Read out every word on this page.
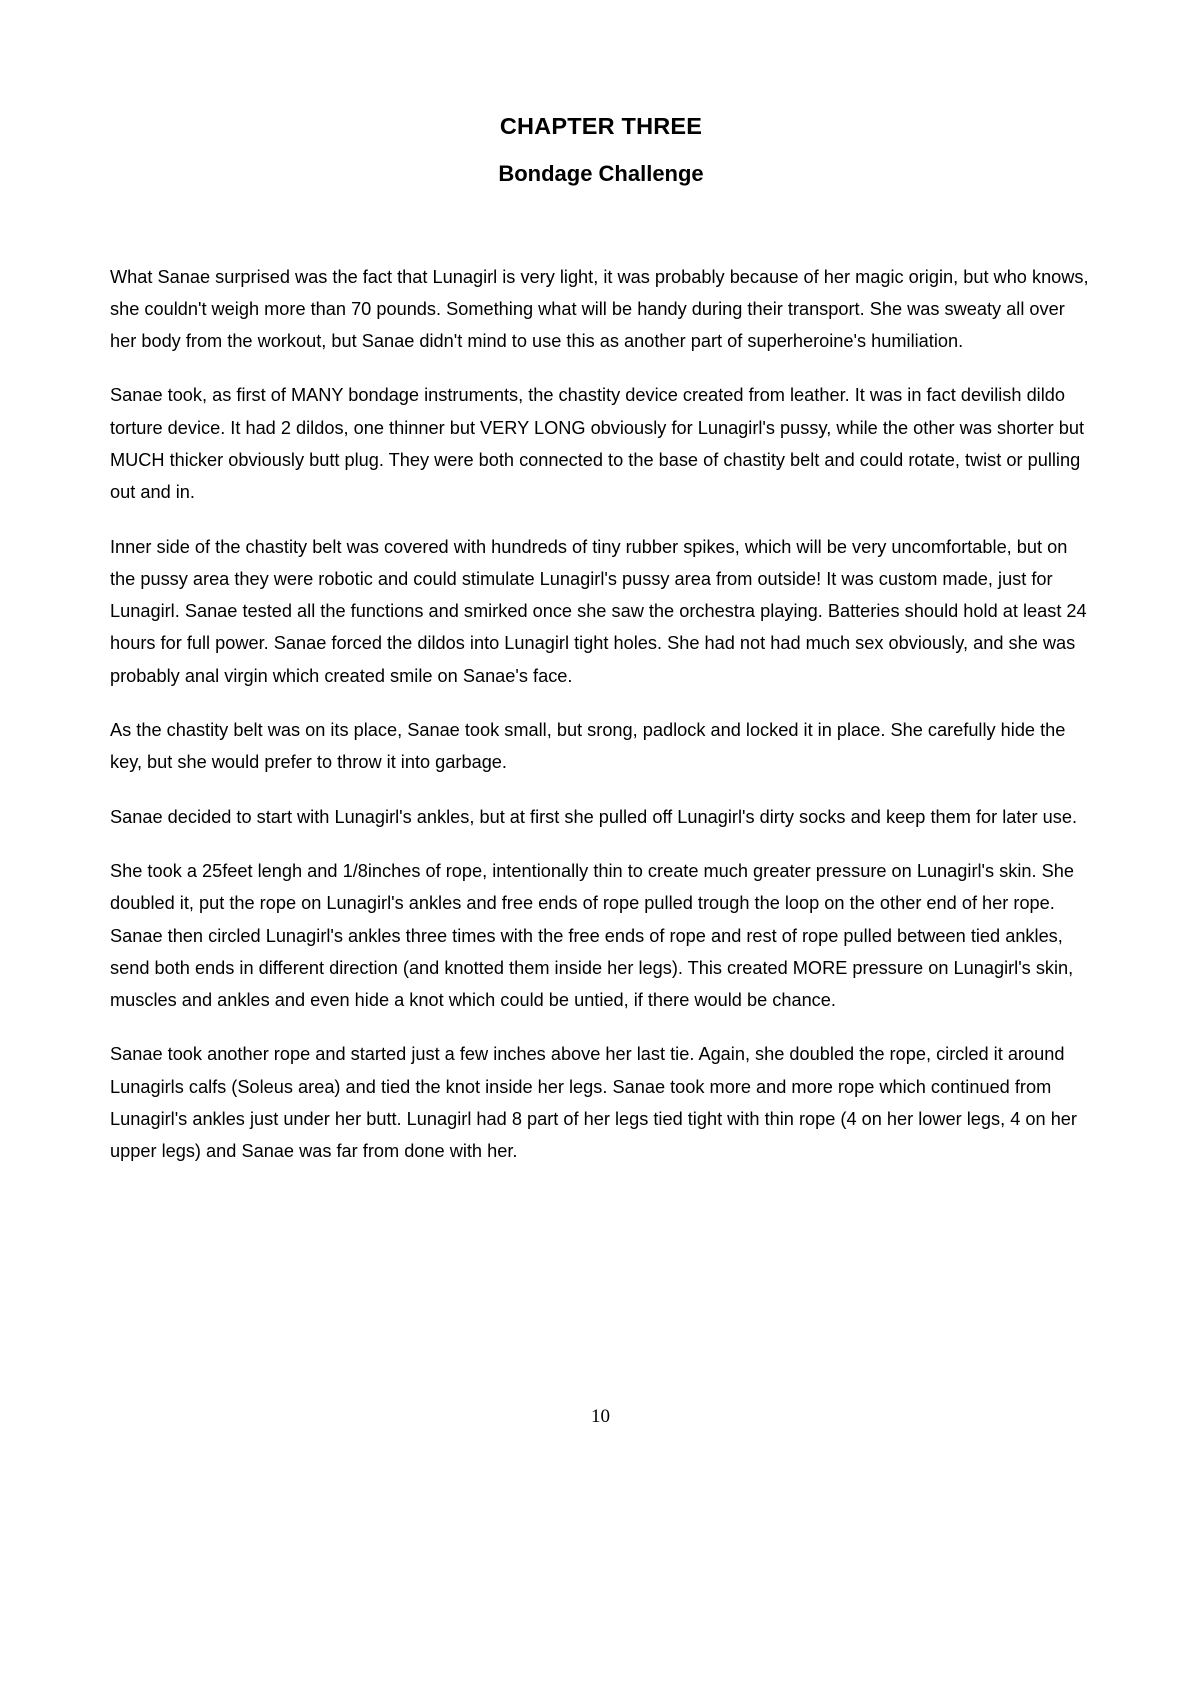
CHAPTER THREE
Bondage Challenge

What Sanae surprised was the fact that Lunagirl is very light, it was probably because of her magic origin, but who knows, she couldn't weigh more than 70 pounds. Something what will be handy during their transport. She was sweaty all over her body from the workout, but Sanae didn't mind to use this as another part of superheroine's humiliation.

Sanae took, as first of MANY bondage instruments, the chastity device created from leather. It was in fact devilish dildo torture device. It had 2 dildos, one thinner but VERY LONG obviously for Lunagirl's pussy, while the other was shorter but MUCH thicker obviously butt plug. They were both connected to the base of chastity belt and could rotate, twist or pulling out and in.

Inner side of the chastity belt was covered with hundreds of tiny rubber spikes, which will be very uncomfortable, but on the pussy area they were robotic and could stimulate Lunagirl's pussy area from outside! It was custom made, just for Lunagirl. Sanae tested all the functions and smirked once she saw the orchestra playing. Batteries should hold at least 24 hours for full power. Sanae forced the dildos into Lunagirl tight holes. She had not had much sex obviously, and she was probably anal virgin which created smile on Sanae's face.

As the chastity belt was on its place, Sanae took small, but srong, padlock and locked it in place. She carefully hide the key, but she would prefer to throw it into garbage.

Sanae decided to start with Lunagirl's ankles, but at first she pulled off Lunagirl's dirty socks and keep them for later use.

She took a 25feet lengh and 1/8inches of rope, intentionally thin to create much greater pressure on Lunagirl's skin. She doubled it, put the rope on Lunagirl's ankles and free ends of rope pulled trough the loop on the other end of her rope. Sanae then circled Lunagirl's ankles three times with the free ends of rope and rest of rope pulled between tied ankles, send both ends in different direction (and knotted them inside her legs). This created MORE pressure on Lunagirl's skin, muscles and ankles and even hide a knot which could be untied, if there would be chance.

Sanae took another rope and started just a few inches above her last tie. Again, she doubled the rope, circled it around Lunagirls calfs (Soleus area) and tied the knot inside her legs. Sanae took more and more rope which continued from Lunagirl's ankles just under her butt. Lunagirl had 8 part of her legs tied tight with thin rope (4 on her lower legs, 4 on her upper legs) and Sanae was far from done with her.

10
